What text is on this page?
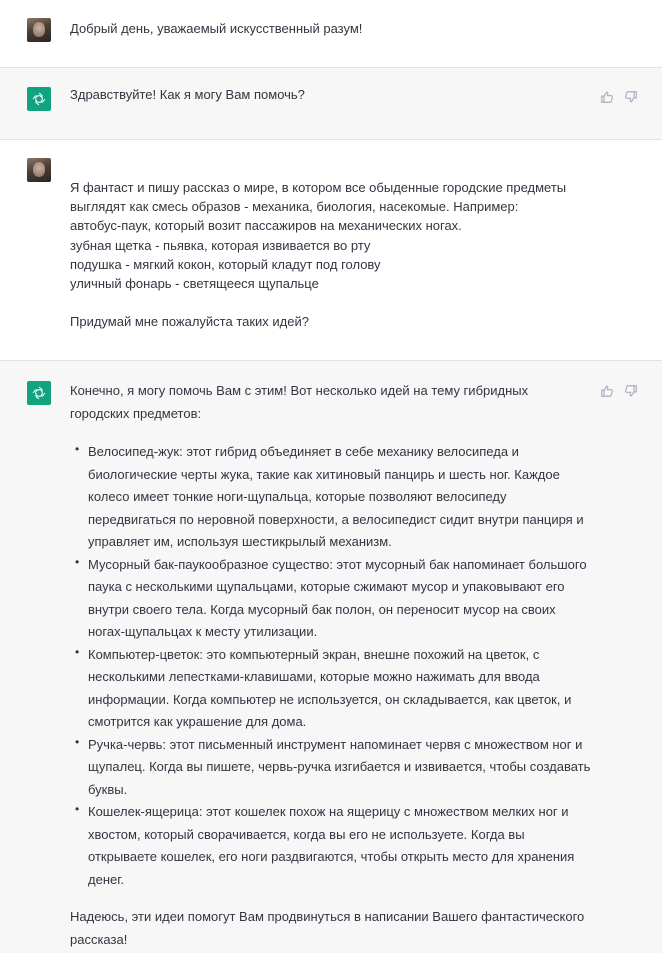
Добрый день, уважаемый искусственный разум!
Здравствуйте! Как я могу Вам помочь?
Я фантаст и пишу рассказ о мире, в котором все обыденные городские предметы
выглядят как смесь образов - механика, биология, насекомые. Например:
автобус-паук, который возит пассажиров на механических ногах.
зубная щетка - пьявка, которая извивается во рту
подушка - мягкий кокон, который кладут под голову
уличный фонарь - светящееся щупальце
Придумай мне пожалуйста таких идей?
Конечно, я могу помочь Вам с этим! Вот несколько идей на тему гибридных
городских предметов:
• Велосипед-жук: этот гибрид объединяет в себе механику велосипеда и
биологические черты жука, такие как хитиновый панцирь и шесть ног. Каждое
колесо имеет тонкие ноги-щупальца, которые позволяют велосипеду
передвигаться по неровной поверхности, а велосипедист сидит внутри панциря и
управляет им, используя шестикрылый механизм.
• Мусорный бак-паукообразное существо: этот мусорный бак напоминает большого
паука с несколькими щупальцами, которые сжимают мусор и упаковывают его
внутри своего тела. Когда мусорный бак полон, он переносит мусор на своих
ногах-щупальцах к месту утилизации.
• Компьютер-цветок: это компьютерный экран, внешне похожий на цветок, с
несколькими лепестками-клавишами, которые можно нажимать для ввода
информации. Когда компьютер не используется, он складывается, как цветок, и
смотрится как украшение для дома.
• Ручка-червь: этот письменный инструмент напоминает червя с множеством ног и
щупалец. Когда вы пишете, червь-ручка изгибается и извивается, чтобы создавать
буквы.
• Кошелек-ящерица: этот кошелек похож на ящерицу с множеством мелких ног и
хвостом, который сворачивается, когда вы его не используете. Когда вы
открываете кошелек, его ноги раздвигаются, чтобы открыть место для хранения
денег.
Надеюсь, эти идеи помогут Вам продвинуться в написании Вашего фантастического
рассказа!
